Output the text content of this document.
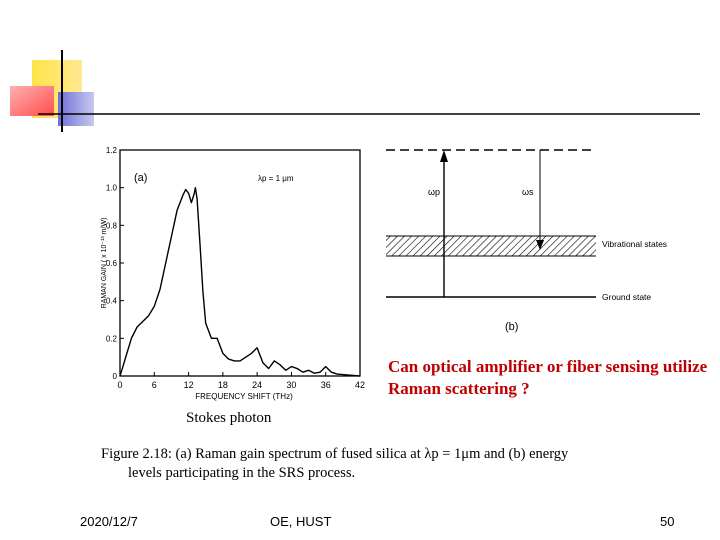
0	6	12	18	24	30	36	42
0
0.2
0.4
0.6
0.8
1.0
1.2
(a)	λp = 1 μm
FREQUENCY SHIFT (THz)
RAMAN GAIN ( x 10⁻¹³ m/W)
ωp	ωs
Vibrational states
Ground state
(b)
Can optical amplifier or fiber sensing utilize Raman scattering ?
Stokes photon
Figure 2.18: (a) Raman gain spectrum of fused silica at λp = 1μm and (b) energy
levels participating in the SRS process.
2020/12/7	OE, HUST	50
